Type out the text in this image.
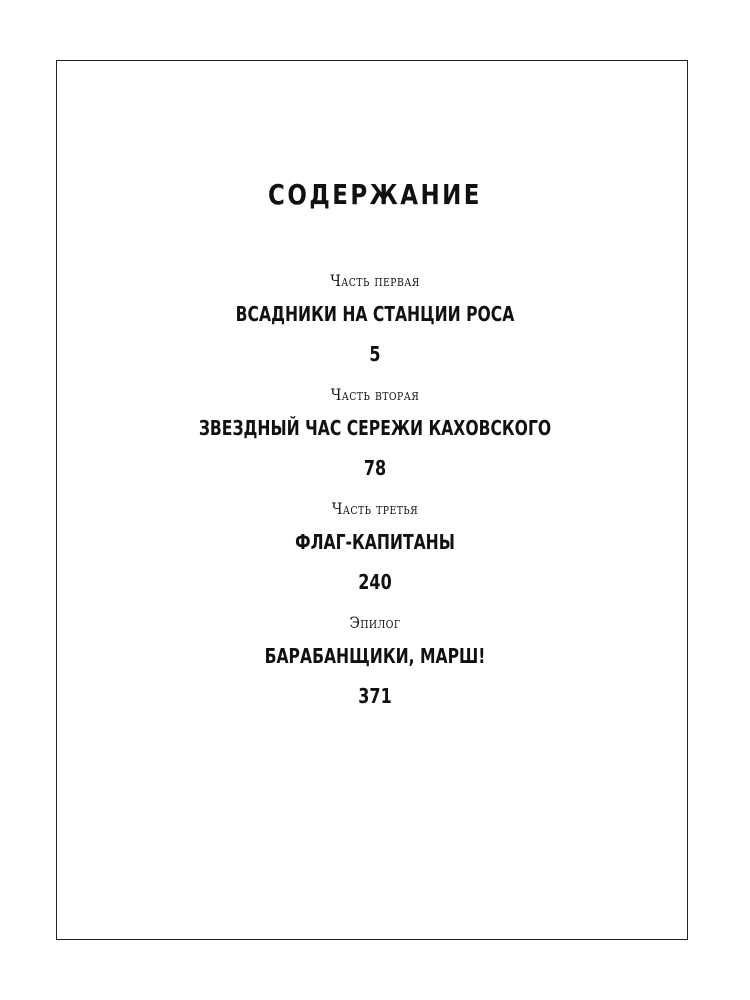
СОДЕРЖАНИЕ
Часть первая
ВСАДНИКИ НА СТАНЦИИ РОСА
5
Часть вторая
ЗВЕЗДНЫЙ ЧАС СЕРЕЖИ КАХОВСКОГО
78
Часть третья
ФЛАГ-КАПИТАНЫ
240
Эпилог
БАРАБАНЩИКИ, МАРШ!
371
